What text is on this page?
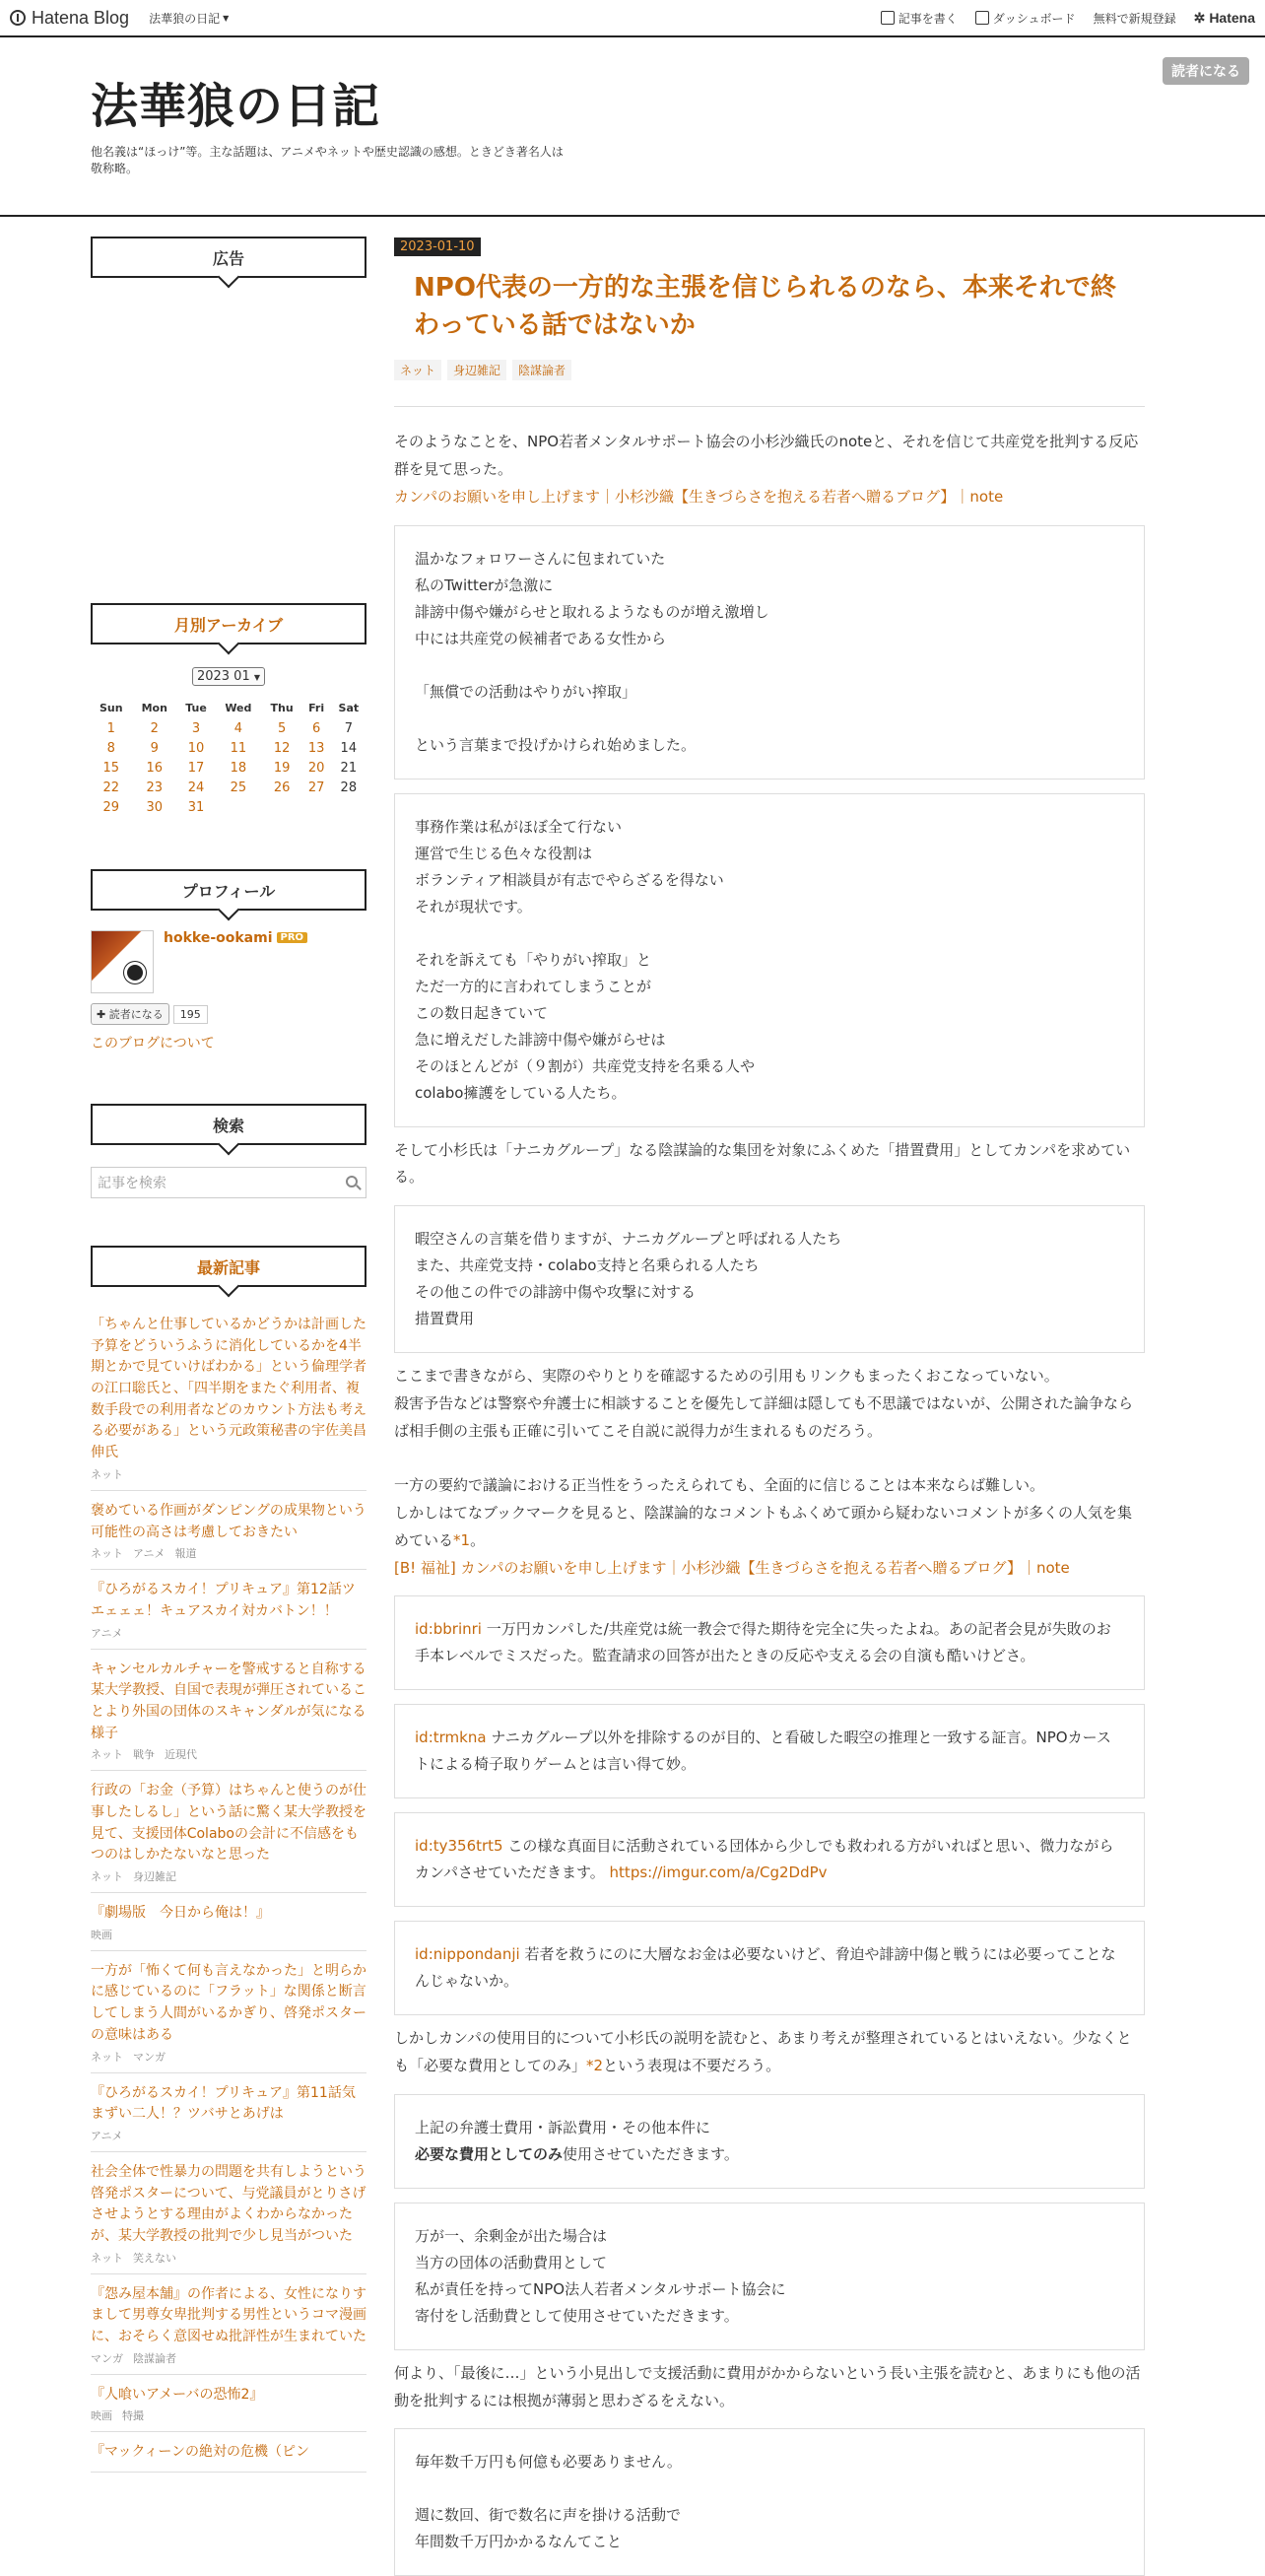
Hatena Blog 法華狼の日記 ▼	記事を書く	ダッシュボード 無料で新規登録 ✲ Hatena
法華狼の日記
他名義は“ほっけ”等。主な話題は、アニメやネットや歴史認識の感想。ときどき著名人は敬称略。
読者になる
2023-01-10
NPO代表の一方的な主張を信じられるのなら、本来それで終わっている話ではないか
ネット	身辺雑記	陰謀論者
そのようなことを、NPO若者メンタルサポート協会の小杉沙織氏のnoteと、それを信じて共産党を批判する反応群を見て思った。
カンパのお願いを申し上げます｜小杉沙織【生きづらさを抱える若者へ贈るブログ】｜note
温かなフォロワーさんに包まれていた
私のTwitterが急激に
誹謗中傷や嫌がらせと取れるようなものが増え激増し
中には共産党の候補者である女性から
「無償での活動はやりがい搾取」
という言葉まで投げかけられ始めました。
事務作業は私がほぼ全て行ない
運営で生じる色々な役割は
ボランティア相談員が有志でやらざるを得ない
それが現状です。
それを訴えても「やりがい搾取」と
ただ一方的に言われてしまうことが
この数日起きていて
急に増えだした誹謗中傷や嫌がらせは
そのほとんどが（９割が）共産党支持を名乗る人や
colabo擁護をしている人たち。
そして小杉氏は「ナニカグループ」なる陰謀論的な集団を対象にふくめた「措置費用」としてカンパを求めている。
暇空さんの言葉を借りますが、ナニカグループと呼ばれる人たち
また、共産党支持・colabo支持と名乗られる人たち
その他この件での誹謗中傷や攻撃に対する
措置費用
ここまで書きながら、実際のやりとりを確認するための引用もリンクもまったくおこなっていない。
殺害予告などは警察や弁護士に相談することを優先して詳細は隠しても不思議ではないが、公開された論争ならば相手側の主張も正確に引いてこそ自説に説得力が生まれるものだろう。
一方の要約で議論における正当性をうったえられても、全面的に信じることは本来ならば難しい。
しかしはてなブックマークを見ると、陰謀論的なコメントもふくめて頭から疑わないコメントが多くの人気を集めている*1。
[B! 福祉] カンパのお願いを申し上げます｜小杉沙織【生きづらさを抱える若者へ贈るブログ】｜note
id:bbrinri 一万円カンパした/共産党は統一教会で得た期待を完全に失ったよね。あの記者会見が失敗のお手本レベルでミスだった。監査請求の回答が出たときの反応や支える会の自演も酷いけどさ。
id:trmkna ナニカグループ以外を排除するのが目的、と看破した暇空の推理と一致する証言。NPOカーストによる椅子取りゲームとは言い得て妙。
id:ty356trt5 この様な真面目に活動されている団体から少しでも救われる方がいればと思い、微力ながらカンパさせていただきます。 https://imgur.com/a/Cg2DdPv
id:nippondanji 若者を救うにのに大層なお金は必要ないけど、脅迫や誹謗中傷と戦うには必要ってことなんじゃないか。
しかしカンパの使用目的について小杉氏の説明を読むと、あまり考えが整理されているとはいえない。少なくとも「必要な費用としてのみ」*2という表現は不要だろう。
上記の弁護士費用・訴訟費用・その他本件に
必要な費用としてのみ使用させていただきます。
万が一、余剰金が出た場合は
当方の団体の活動費用として
私が責任を持ってNPO法人若者メンタルサポート協会に
寄付をし活動費として使用させていただきます。
何より、「最後に…」という小見出しで支援活動に費用がかからないという長い主張を読むと、あまりにも他の活動を批判するには根拠が薄弱と思わざるをえない。
毎年数千万円も何億も必要ありません。
週に数回、街で数名に声を掛ける活動で
年間数千万円かかるなんてこと
広告
月別アーカイブ
2023 01 ▼
Sun	Mon	Tue	Wed	Thu	Fri	Sat
1	2	3	4	5	6	7
8	9	10	11	12	13	14
15	16	17	18	19	20	21
22	23	24	25	26	27	28
29	30	31				
プロフィール
hokke-ookami PRO
✚ 読者になる	195
このブログについて
検索
記事を検索
最新記事
「ちゃんと仕事しているかどうかは計画した予算をどういうふうに消化しているかを4半期とかで見ていけばわかる」という倫理学者の江口聡氏と、「四半期をまたぐ利用者、複数手段での利用者などのカウント方法も考える必要がある」という元政策秘書の宇佐美昌伸氏
ネット
褒めている作画がダンピングの成果物という可能性の高さは考慮しておきたい
ネット アニメ 報道
『ひろがるスカイ！プリキュア』第12話ツエェェェ！キュアスカイ対カバトン！！
アニメ
キャンセルカルチャーを警戒すると自称する某大学教授、自国で表現が弾圧されていることより外国の団体のスキャンダルが気になる様子
ネット 戦争 近現代
行政の「お金（予算）はちゃんと使うのが仕事したしるし」という話に驚く某大学教授を見て、支援団体Colaboの会計に不信感をもつのはしかたないなと思った
ネット 身辺雑記
『劇場版　今日から俺は！』
映画
一方が「怖くて何も言えなかった」と明らかに感じているのに「フラット」な関係と断言してしまう人間がいるかぎり、啓発ポスターの意味はある
ネット マンガ
『ひろがるスカイ！プリキュア』第11話気まずい二人！？ツバサとあげは
アニメ
社会全体で性暴力の問題を共有しようという啓発ポスターについて、与党議員がとりさげさせようとする理由がよくわからなかったが、某大学教授の批判で少し見当がついた
ネット 笑えない
『怨み屋本舗』の作者による、女性になりすまして男尊女卑批判する男性というコマ漫画に、おそらく意図せぬ批評性が生まれていた
マンガ 陰謀論者
『人喰いアメーバの恐怖2』
映画 特撮
『マックィーンの絶対の危機（ピン
